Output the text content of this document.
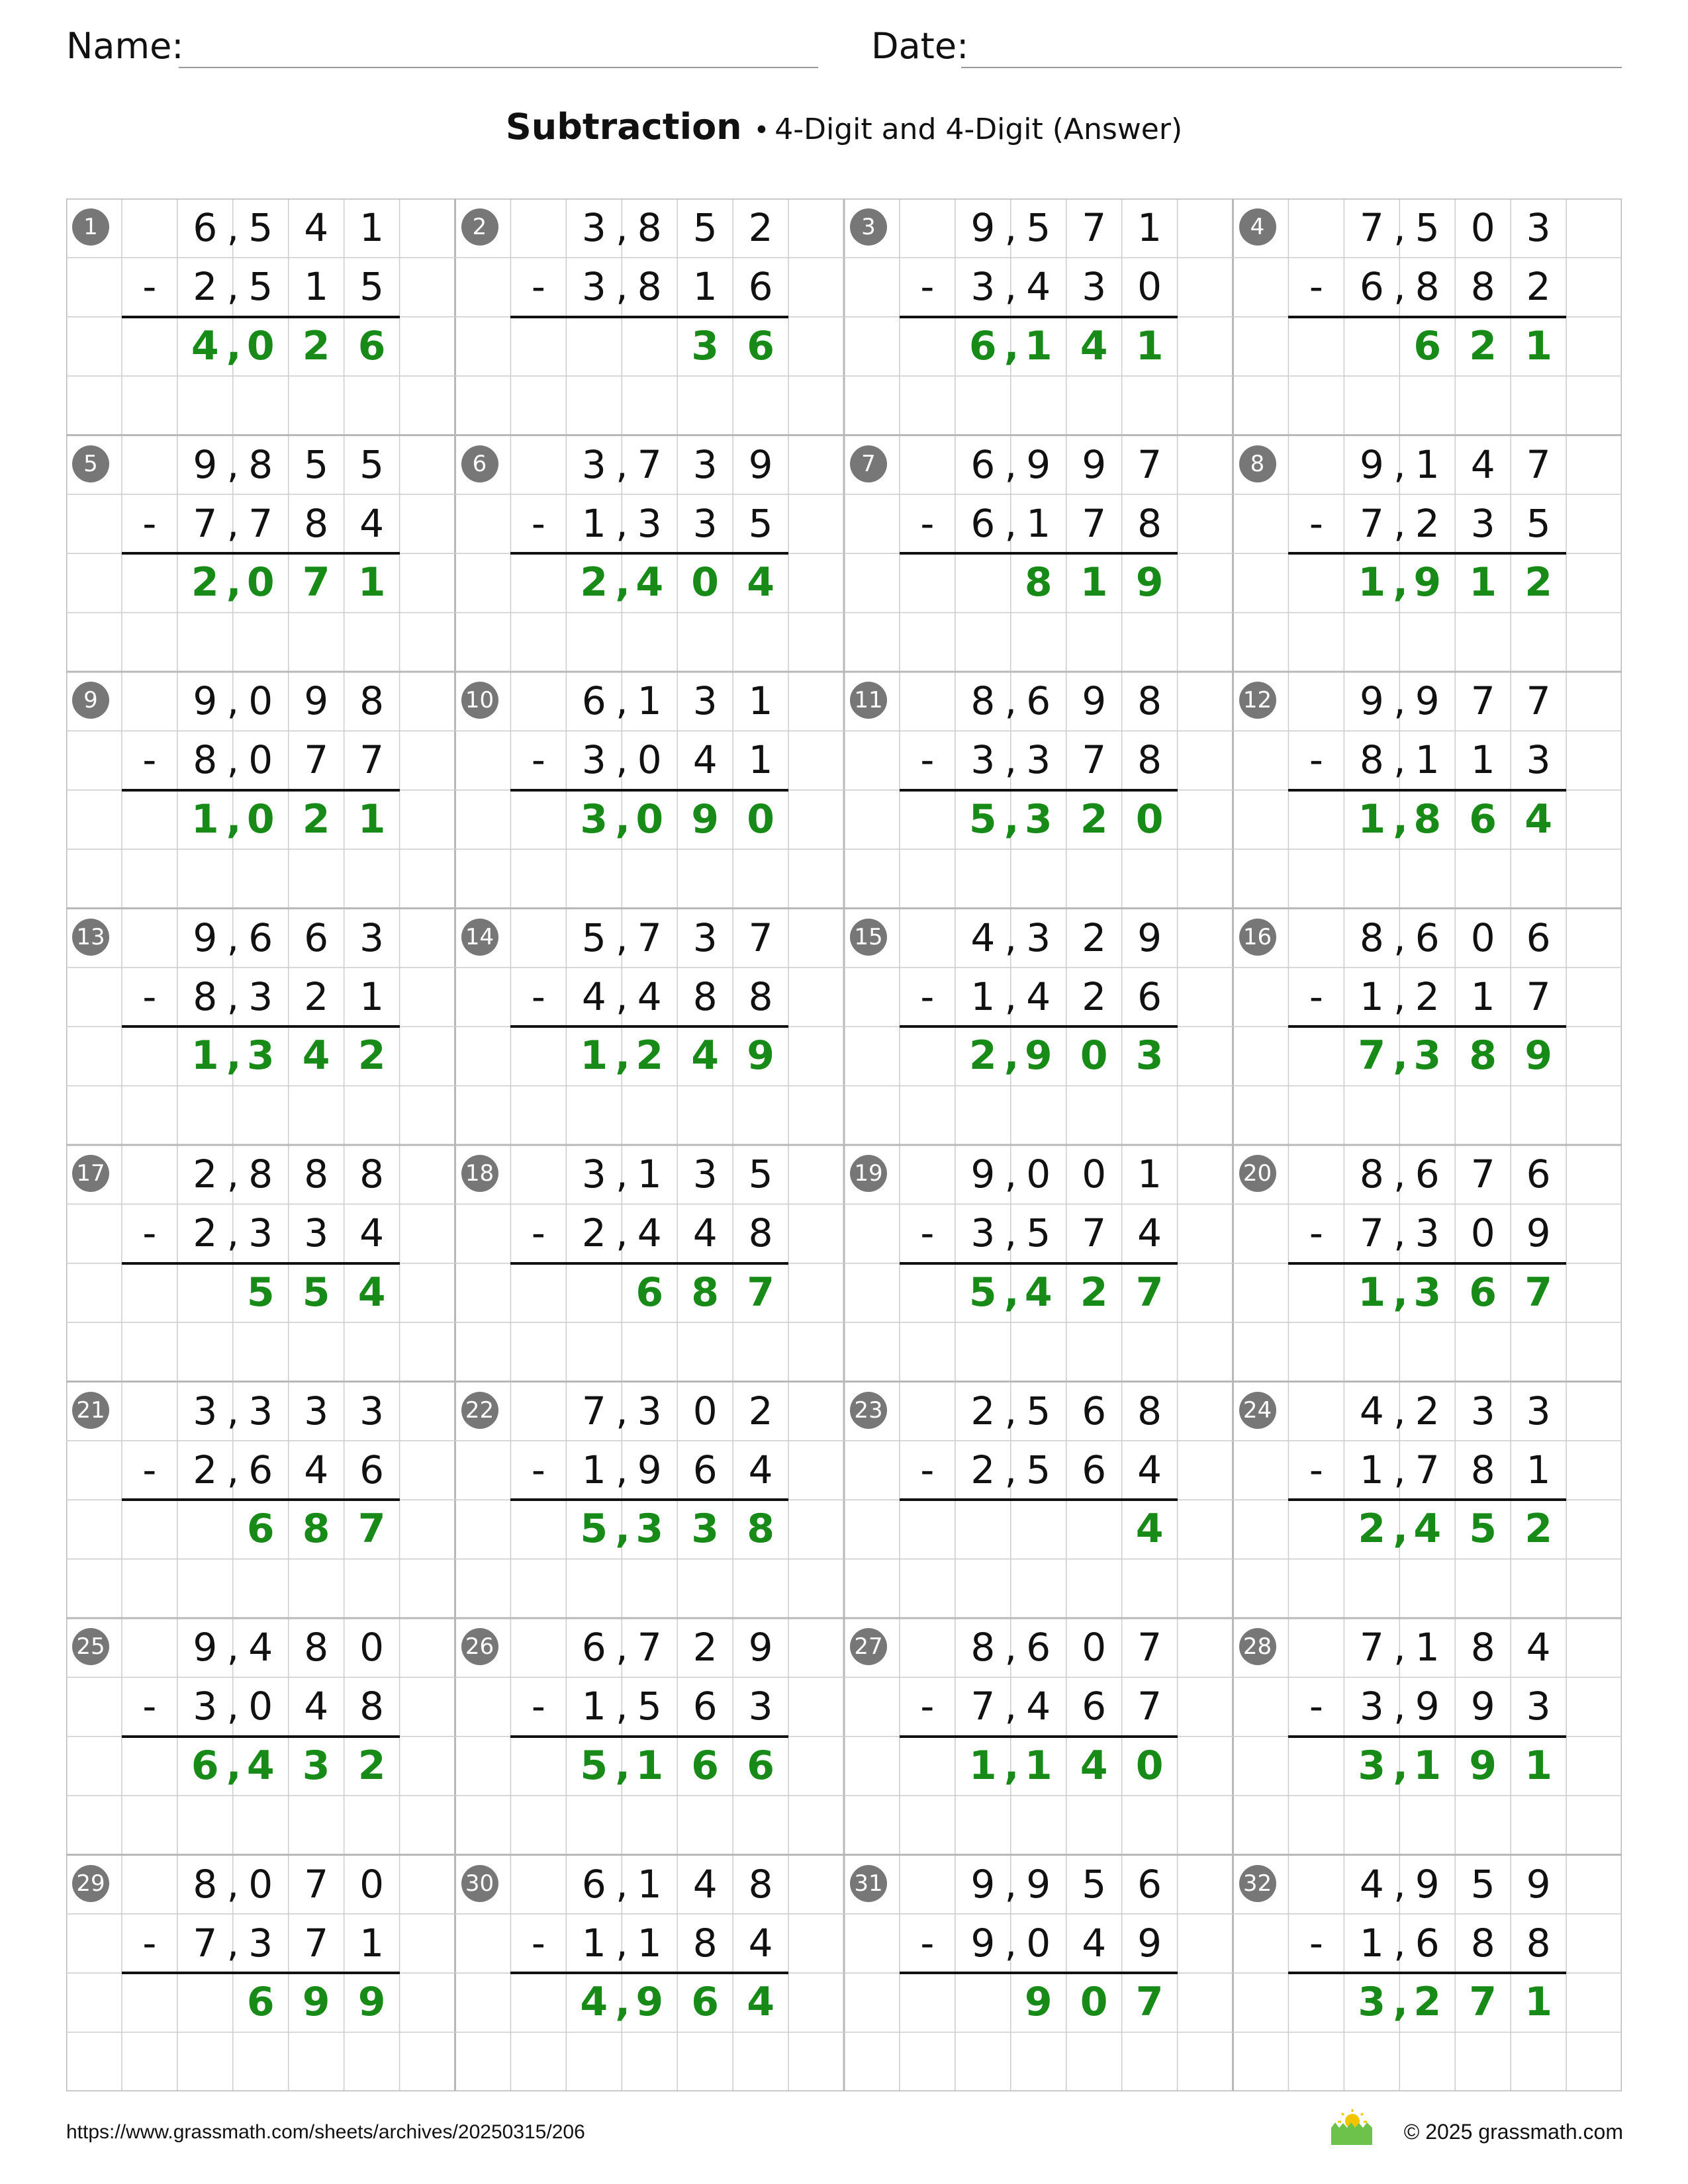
Name:	Date:
Subtraction • 4-Digit and 4-Digit (Answer)
1	6 5 4 1
,
- 2 5 1 5
,
4 0 2 6
,
2	3 8 5 2
,
- 3 8 1 6
,
3 6
3	9 5 7 1
,
- 3 4 3 0
,
6 1 4 1
,
4	7 5 0 3
,
- 6 8 8 2
,
6 2 1
5	9 8 5 5
,
- 7 7 8 4
,
2 0 7 1
,
6	3 7 3 9
,
- 1 3 3 5
,
2 4 0 4
,
7	6 9 9 7
,
- 6 1 7 8
,
8 1 9
8	9 1 4 7
,
- 7 2 3 5
,
1 9 1 2
,
9	9 0 9 8
,
- 8 0 7 7
,
1 0 2 1
,
10	6 1 3 1
,
- 3 0 4 1
,
3 0 9 0
,
11	8 6 9 8
,
- 3 3 7 8
,
5 3 2 0
,
12	9 9 7 7
,
- 8 1 1 3
,
1 8 6 4
,
13	9 6 6 3
,
- 8 3 2 1
,
1 3 4 2
,
14	5 7 3 7
,
- 4 4 8 8
,
1 2 4 9
,
15	4 3 2 9
,
- 1 4 2 6
,
2 9 0 3
,
16	8 6 0 6
,
- 1 2 1 7
,
7 3 8 9
,
17	2 8 8 8
,
- 2 3 3 4
,
5 5 4
18	3 1 3 5
,
- 2 4 4 8
,
6 8 7
19	9 0 0 1
,
- 3 5 7 4
,
5 4 2 7
,
20	8 6 7 6
,
- 7 3 0 9
,
1 3 6 7
,
21	3 3 3 3
,
- 2 6 4 6
,
6 8 7
22	7 3 0 2
,
- 1 9 6 4
,
5 3 3 8
,
23	2 5 6 8
,
- 2 5 6 4
,
4
24	4 2 3 3
,
- 1 7 8 1
,
2 4 5 2
,
25	9 4 8 0
,
- 3 0 4 8
,
6 4 3 2
,
26	6 7 2 9
,
- 1 5 6 3
,
5 1 6 6
,
27	8 6 0 7
,
- 7 4 6 7
,
1 1 4 0
,
28	7 1 8 4
,
- 3 9 9 3
,
3 1 9 1
,
29	8 0 7 0
,
- 7 3 7 1
,
6 9 9
30	6 1 4 8
,
- 1 1 8 4
,
4 9 6 4
,
31	9 9 5 6
,
- 9 0 4 9
,
9 0 7
32	4 9 5 9
,
- 1 6 8 8
,
3 2 7 1
,
https://www.grassmath.com/sheets/archives/20250315/206	© 2025 grassmath.com
